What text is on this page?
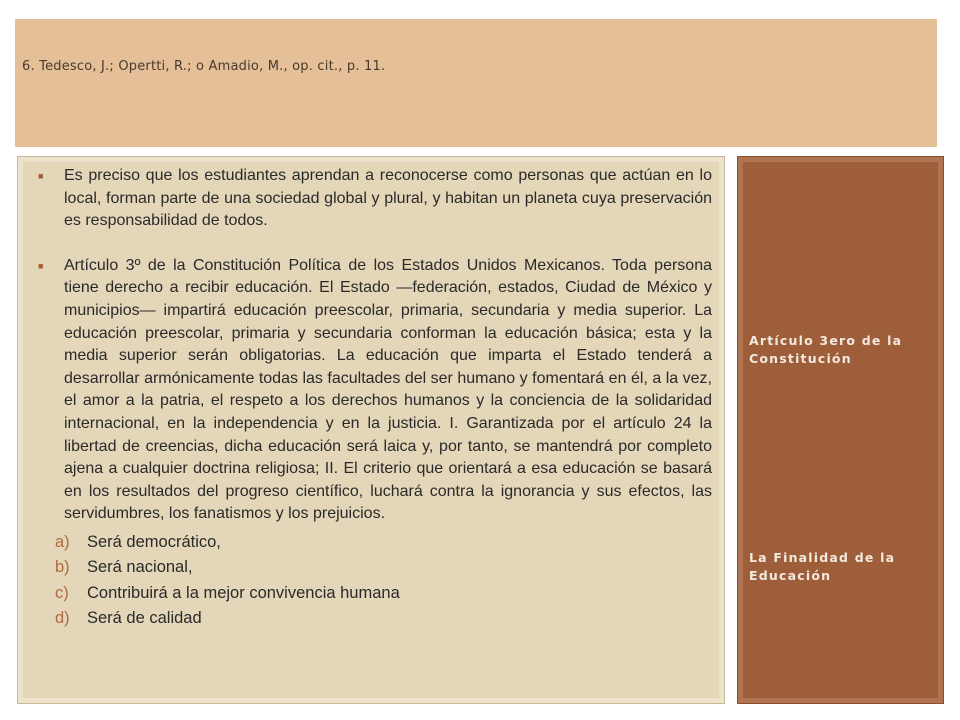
6. Tedesco, J.; Opertti, R.; o Amadio, M., op. cit., p. 11.
■	Es preciso que los estudiantes aprendan a reconocerse como personas que actúan en lo local, forman parte de una sociedad global y plural, y habitan un planeta cuya preservación es responsabilidad de todos.
■	Artículo 3º de la Constitución Política de los Estados Unidos Mexicanos. Toda persona tiene derecho a recibir educación. El Estado —federación, estados, Ciudad de México y municipios— impartirá educación preescolar, primaria, secundaria y media superior. La educación preescolar, primaria y secundaria conforman la educación básica; esta y la media superior serán obligatorias. La educación que imparta el Estado tenderá a desarrollar armónicamente todas las facultades del ser humano y fomentará en él, a la vez, el amor a la patria, el respeto a los derechos humanos y la conciencia de la solidaridad internacional, en la independencia y en la justicia. I. Garantizada por el artículo 24 la libertad de creencias, dicha educación será laica y, por tanto, se mantendrá por completo ajena a cualquier doctrina religiosa; II. El criterio que orientará a esa educación se basará en los resultados del progreso científico, luchará contra la ignorancia y sus efectos, las servidumbres, los fanatismos y los prejuicios.
a)	Será democrático,
b)	Será nacional,
c)	Contribuirá a la mejor convivencia humana
d)	Será de calidad
Artículo 3ero de la Constitución
La Finalidad de la Educación
